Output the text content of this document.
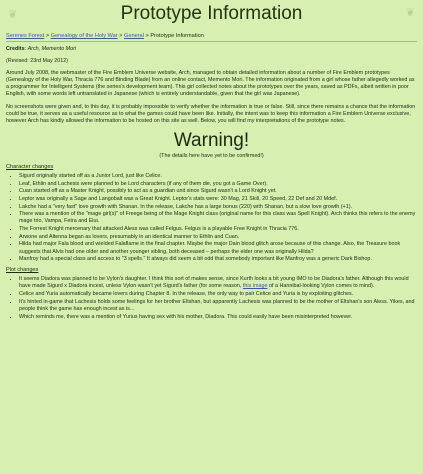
❦	❦
Prototype Information
Serenes Forest > Genealogy of the Holy War > General > Prototype Information

Credits: Arch, Memento Mori

(Revised: 23rd May 2012)

Around July 2008, the webmaster of the Fire Emblem Universe website, Arch, managed to obtain detailed information about a number of Fire Emblem prototypes (Genealogy of the Holy War, Thracia 776 and Binding Blade) from an online contact, Memento Mori. The information originated from a girl whose father allegedly worked as a programmer for Intelligent Systems (the series's development team). This girl collected notes about the prototypes over the years, saved as PDFs, albeit written in poor English, with some words left untranslated in Japanese (which is entirely understandable, given that the girl was Japanese).

No screenshots were given and, to this day, it is probably impossible to verify whether the information is true or false. Still, since there remains a chance that the information could be true, it serves as a useful resource as to what the games could have been like. Initially, the intent was to keep this information a Fire Emblem Universe exclusive, however Arch has kindly allowed the information to be hosted on this site as well. Below, you will find my interpretations of the prototype notes.

Warning!
(The details here have yet to be confirmed!)
Character changes
• Sigurd originally started off as a Junior Lord, just like Celice.
• Leaf, Ethlin and Lachesis were planned to be Lord characters (if any of them die, you got a Game Over).
• Cuan started off as a Master Knight, possibly to act as a guardian unit since Sigurd wasn't a Lord Knight yet.
• Leptor was originally a Sage and Langobalt was a Great Knight. Leptor's stats were: 30 Mag, 21 Skill, 20 Speed, 22 Def and 20 Mdef.
• Lakche had a "very fast" love growth with Shanan. In the release, Lakche has a large bonus (220) with Shanan, but a slow love growth (+1).
• There was a mention of the "mage girl(s)" of Freege being of the Mage Knight class (original name for this class was Spell Knight). Arch thinks this refers to the enemy mage trio, Vampa, Fetra and Elui.
• The Forrest Knight mercenary that attacked Aless was called Felgus. Felgus is a playable Free Knight in Thracia 776.
• Arwone and Altenna began as lovers, presumably in an identical manner to Ethlin and Cuan.
• Hilda had major Fala blood and wielded Falaflame in the final chapter. Maybe the major Dain blood glitch arose because of this change. Also, the Treasure book suggests that Alvis had one older and another younger sibling, both deceased – perhaps the elder one was originally Hilda?
• Manfroy had a special class and access to "3 spells." It always did seem a bit odd that somebody important like Manfroy was a generic Dark Bishop.
Plot changes
• It seems Diadora was planned to be Vylon's daughter. I think this sort of makes sense, since Kurth looks a bit young IMO to be Diadora's father. Although this would have made Sigurd x Diadora incest, unless Vylon wasn't yet Sigurd's father (for some reason, this image of a Hannibal-looking Vylon comes to mind).
• Celice and Yuria automatically became lovers during Chapter 8. In the release, the only way to pair Celice and Yuria is by exploiting glitches.
• It's hinted in-game that Lachesis holds some feelings for her brother Eltshan, but apparently Lachesis was planned to be the mother of Eltshan's son Aless. Yikes, and people think the game has enough incest as is...
• Which reminds me, there was a mention of Yurius having sex with his mother, Diadora. This could easily have been misinterpreted however.
